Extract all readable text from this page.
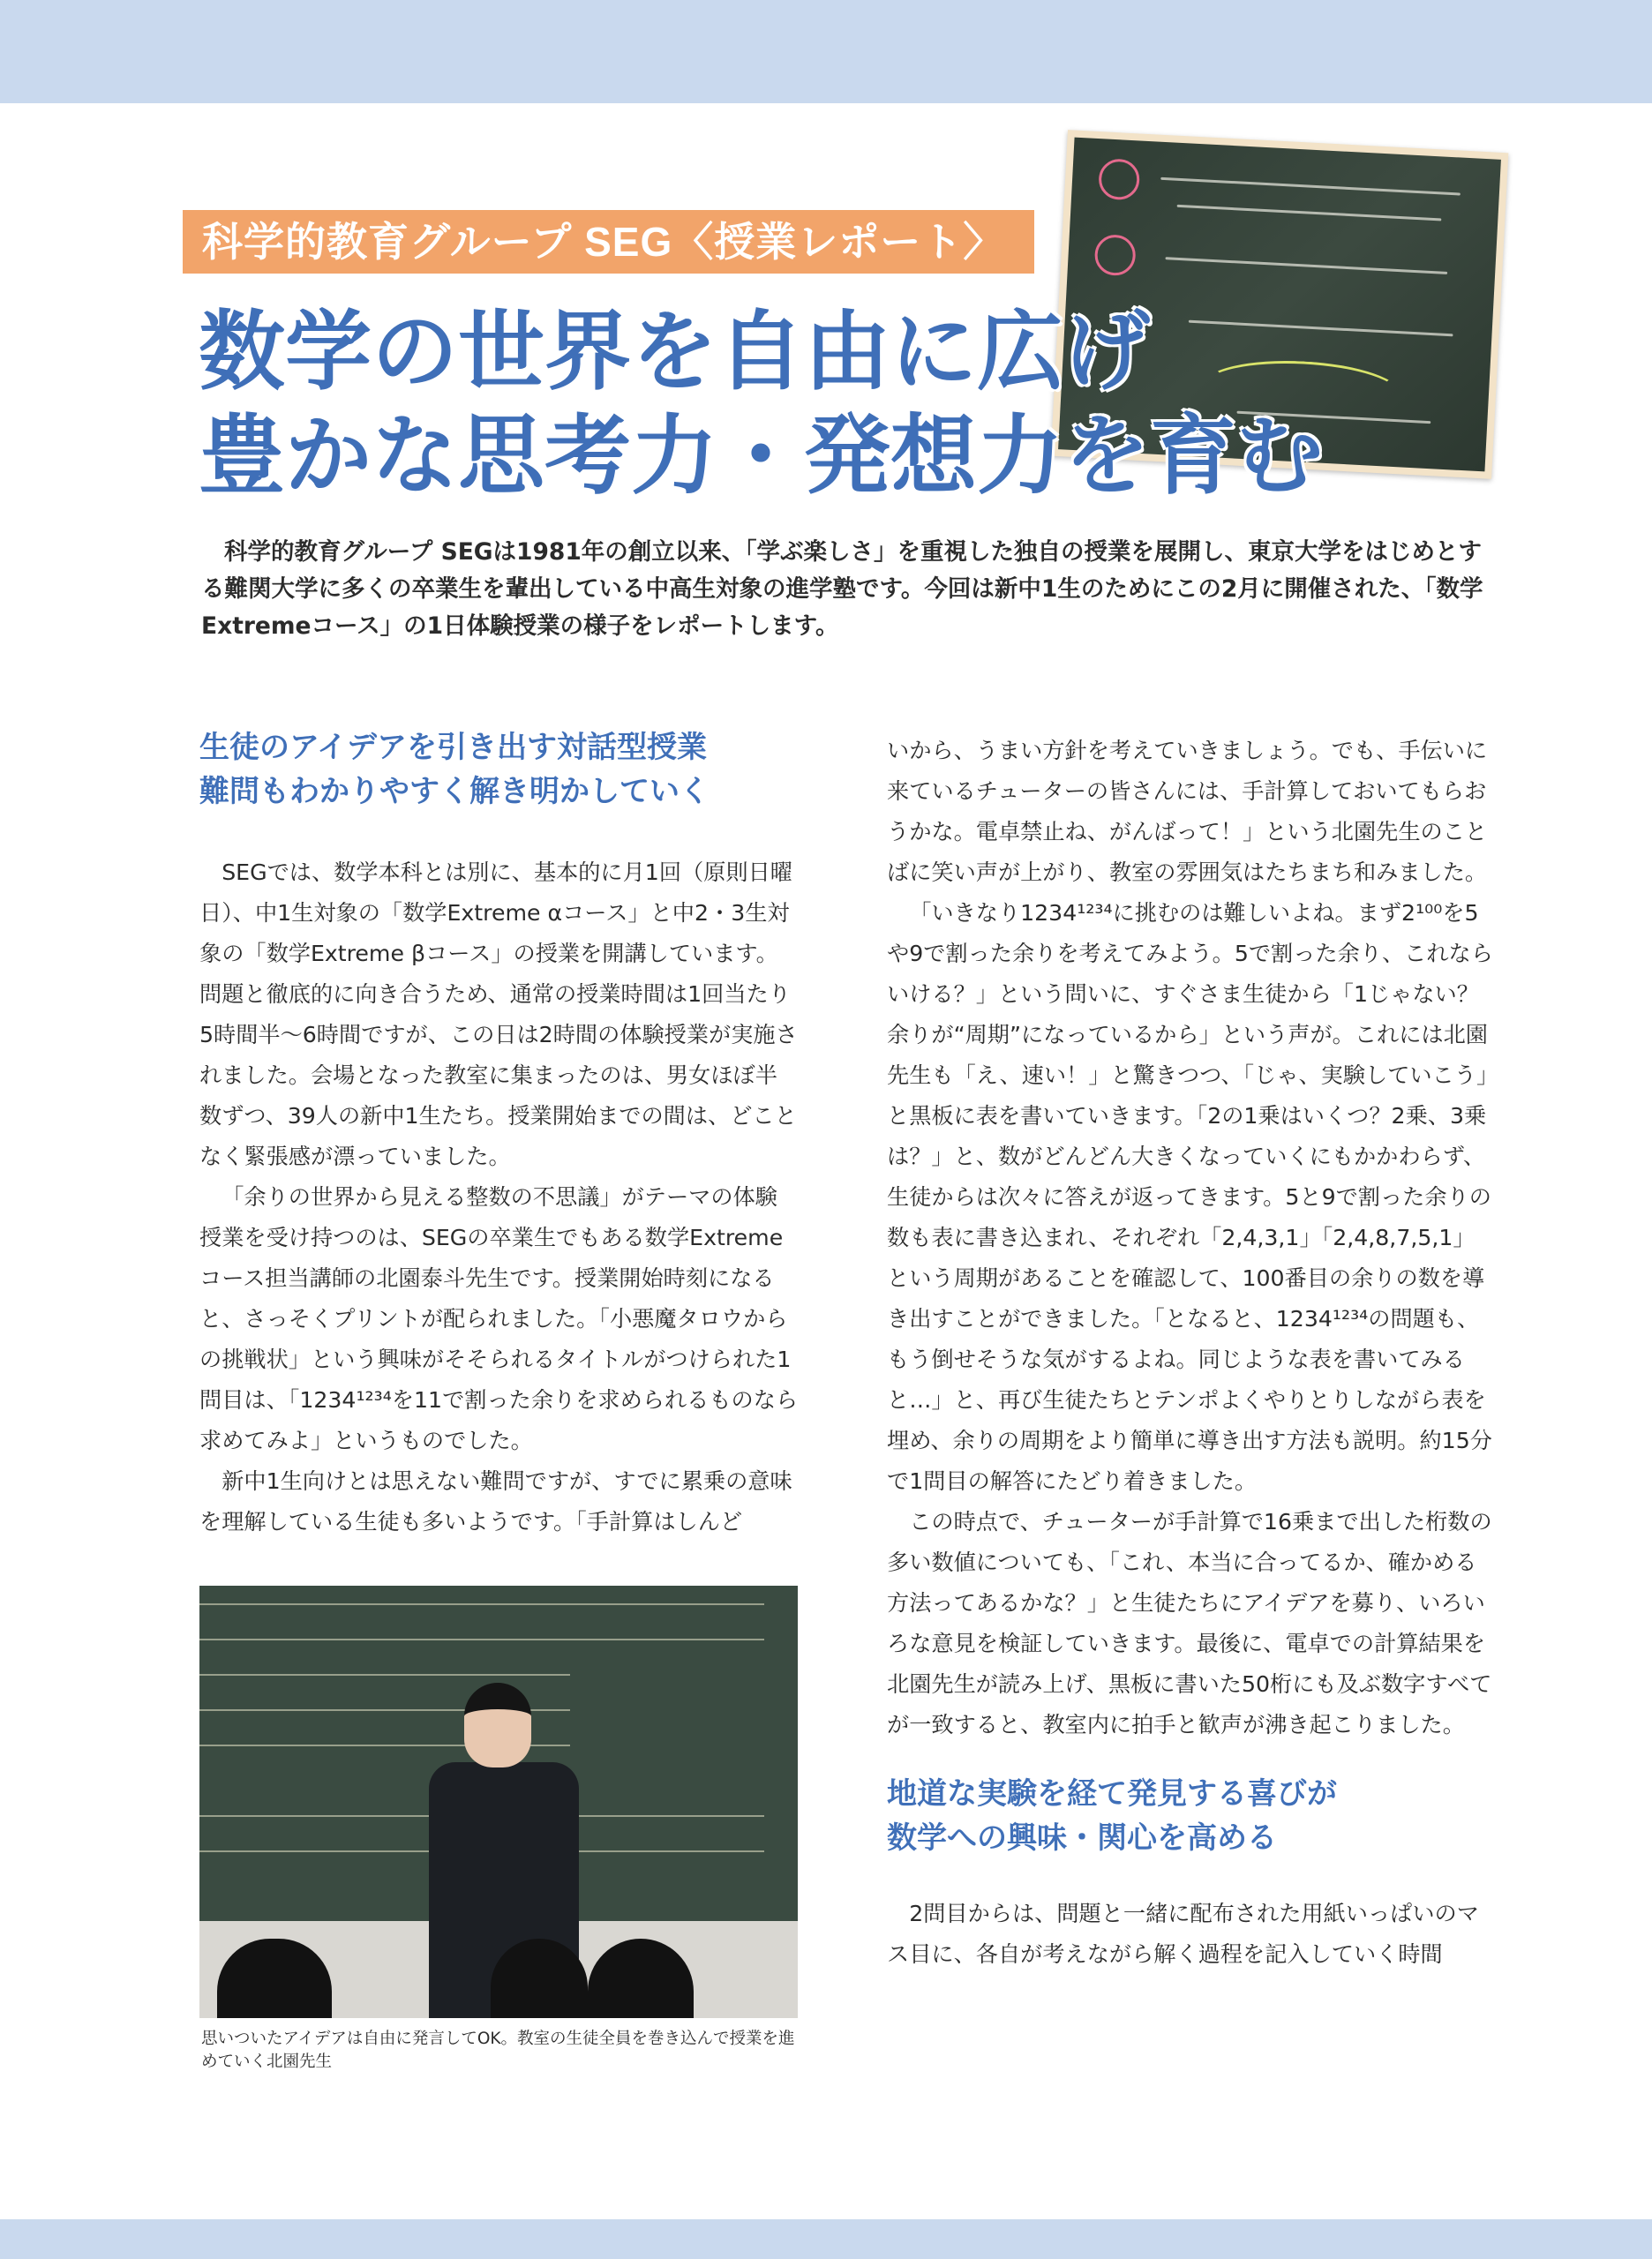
科学的教育グループ SEG〈授業レポート〉
数学の世界を自由に広げ
豊かな思考力・発想力を育む
科学的教育グループ SEGは1981年の創立以来、「学ぶ楽しさ」を重視した独自の授業を展開し、東京大学をはじめとする難関大学に多くの卒業生を輩出している中高生対象の進学塾です。今回は新中1生のためにこの2月に開催された、「数学Extremeコース」の1日体験授業の様子をレポートします。
生徒のアイデアを引き出す対話型授業
難問もわかりやすく解き明かしていく

SEGでは、数学本科とは別に、基本的に月1回（原則日曜日）、中1生対象の「数学Extreme αコース」と中2・3生対象の「数学Extreme βコース」の授業を開講しています。問題と徹底的に向き合うため、通常の授業時間は1回当たり5時間半～6時間ですが、この日は2時間の体験授業が実施されました。会場となった教室に集まったのは、男女ほぼ半数ずつ、39人の新中1生たち。授業開始までの間は、どことなく緊張感が漂っていました。

「余りの世界から見える整数の不思議」がテーマの体験授業を受け持つのは、SEGの卒業生でもある数学Extremeコース担当講師の北園泰斗先生です。授業開始時刻になると、さっそくプリントが配られました。「小悪魔タロウからの挑戦状」という興味がそそられるタイトルがつけられた1問目は、「1234¹²³⁴を11で割った余りを求められるものなら求めてみよ」というものでした。

新中1生向けとは思えない難問ですが、すでに累乗の意味を理解している生徒も多いようです。「手計算はしんど

思いついたアイデアは自由に発言してOK。教室の生徒全員を巻き込んで授業を進めていく北園先生

いから、うまい方針を考えていきましょう。でも、手伝いに来ているチューターの皆さんには、手計算しておいてもらおうかな。電卓禁止ね、がんばって！」という北園先生のことばに笑い声が上がり、教室の雰囲気はたちまち和みました。

「いきなり1234¹²³⁴に挑むのは難しいよね。まず2¹⁰⁰を5や9で割った余りを考えてみよう。5で割った余り、これならいける？」という問いに、すぐさま生徒から「1じゃない？余りが“周期”になっているから」という声が。これには北園先生も「え、速い！」と驚きつつ、「じゃ、実験していこう」と黒板に表を書いていきます。「2の1乗はいくつ？2乗、3乗は？」と、数がどんどん大きくなっていくにもかかわらず、生徒からは次々に答えが返ってきます。5と9で割った余りの数も表に書き込まれ、それぞれ「2,4,3,1」「2,4,8,7,5,1」という周期があることを確認して、100番目の余りの数を導き出すことができました。「となると、1234¹²³⁴の問題も、もう倒せそうな気がするよね。同じような表を書いてみると…」と、再び生徒たちとテンポよくやりとりしながら表を埋め、余りの周期をより簡単に導き出す方法も説明。約15分で1問目の解答にたどり着きました。

この時点で、チューターが手計算で16乗まで出した桁数の多い数値についても、「これ、本当に合ってるか、確かめる方法ってあるかな？」と生徒たちにアイデアを募り、いろいろな意見を検証していきます。最後に、電卓での計算結果を北園先生が読み上げ、黒板に書いた50桁にも及ぶ数字すべてが一致すると、教室内に拍手と歓声が沸き起こりました。

地道な実験を経て発見する喜びが
数学への興味・関心を高める

2問目からは、問題と一緒に配布された用紙いっぱいのマス目に、各自が考えながら解く過程を記入していく時間
